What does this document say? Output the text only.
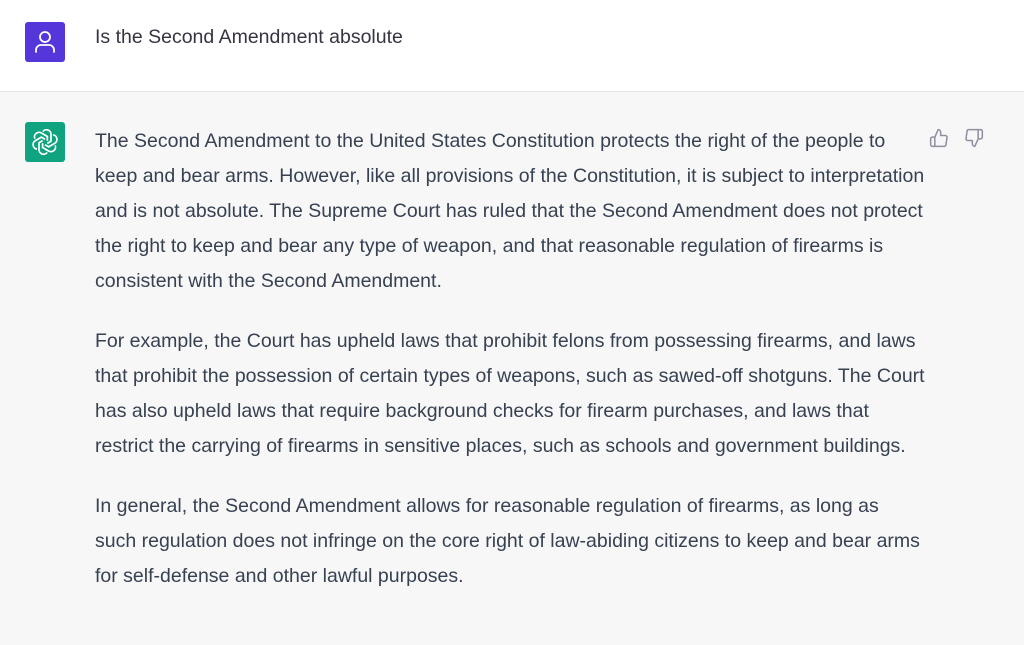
Is the Second Amendment absolute

The Second Amendment to the United States Constitution protects the right of the people to keep and bear arms. However, like all provisions of the Constitution, it is subject to interpretation and is not absolute. The Supreme Court has ruled that the Second Amendment does not protect the right to keep and bear any type of weapon, and that reasonable regulation of firearms is consistent with the Second Amendment.

For example, the Court has upheld laws that prohibit felons from possessing firearms, and laws that prohibit the possession of certain types of weapons, such as sawed-off shotguns. The Court has also upheld laws that require background checks for firearm purchases, and laws that restrict the carrying of firearms in sensitive places, such as schools and government buildings.

In general, the Second Amendment allows for reasonable regulation of firearms, as long as such regulation does not infringe on the core right of law-abiding citizens to keep and bear arms for self-defense and other lawful purposes.
